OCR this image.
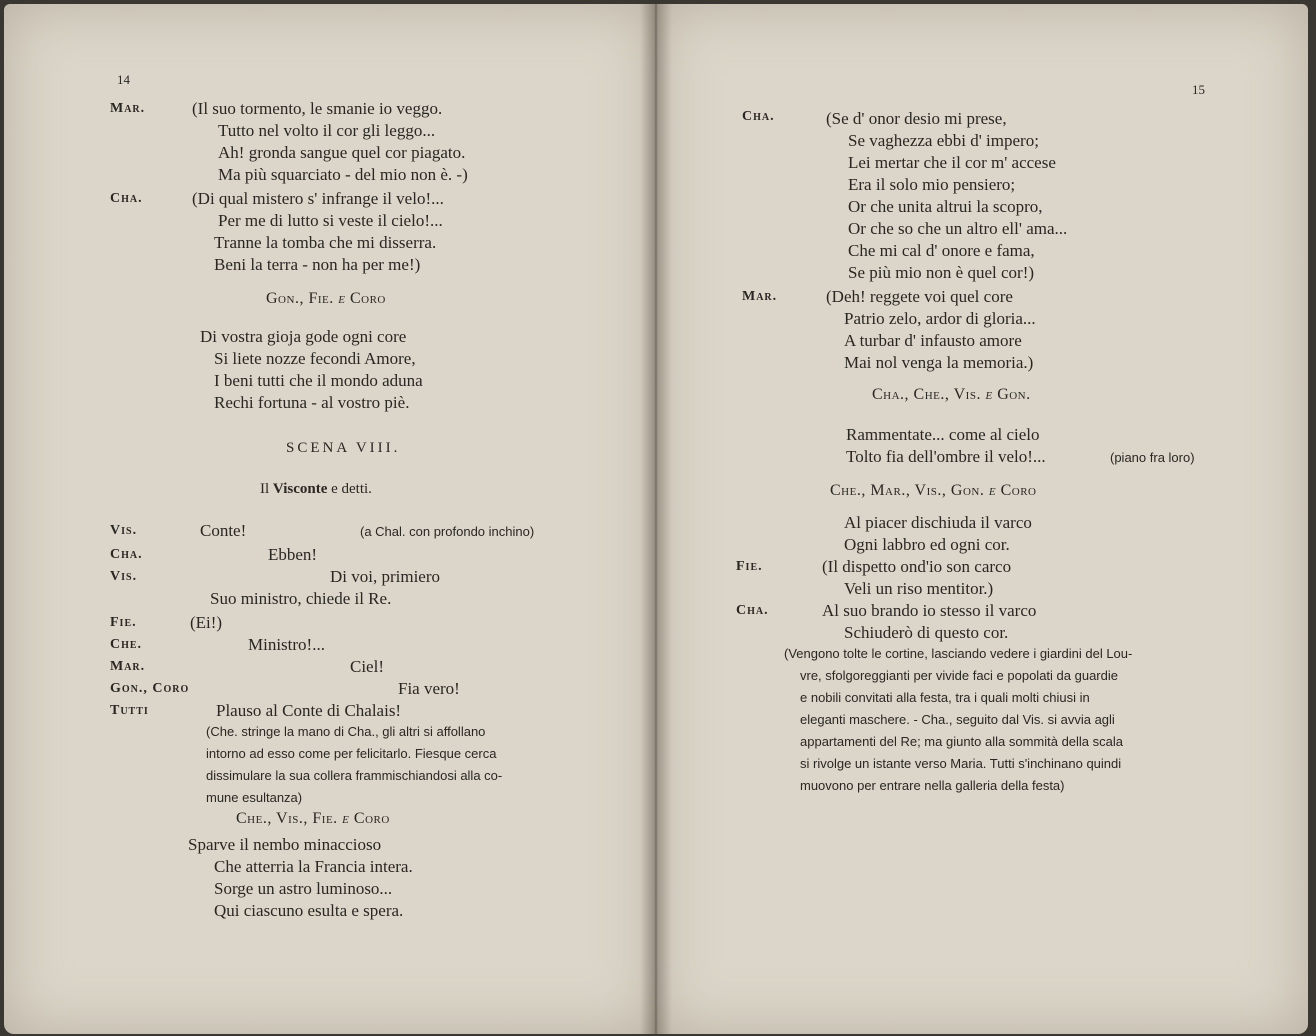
14
Mar.	(Il suo tormento, le smanie io veggo.
Tutto nel volto il cor gli leggo...
Ah! gronda sangue quel cor piagato.
Ma più squarciato - del mio non è. -)
Cha.	(Di qual mistero s' infrange il velo!...
Per me di lutto si veste il cielo!...
Tranne la tomba che mi disserra.
Beni la terra - non ha per me!)
Gon., Fie. e Coro
Di vostra gioja gode ogni core
Si liete nozze fecondi Amore,
I beni tutti che il mondo aduna
Rechi fortuna - al vostro piè.
SCENA VIII.
Il Visconte e detti.
Vis.	Conte!	(a Chal. con profondo inchino)
Cha.	Ebben!
Vis.	Di voi, primiero
Suo ministro, chiede il Re.
Fie.	(Ei!)
Che.	Ministro!...
Mar.	Ciel!
Gon., Coro	Fia vero!
Tutti	Plauso al Conte di Chalais!
(Che. stringe la mano di Cha., gli altri si affollano
intorno ad esso come per felicitarlo. Fiesque cerca
dissimulare la sua collera frammischiandosi alla co-
mune esultanza)
Che., Vis., Fie. e Coro
Sparve il nembo minaccioso
Che atterria la Francia intera.
Sorge un astro luminoso...
Qui ciascuno esulta e spera.
15
Cha.	(Se d' onor desio mi prese,
Se vaghezza ebbi d' impero;
Lei mertar che il cor m' accese
Era il solo mio pensiero;
Or che unita altrui la scopro,
Or che so che un altro ell' ama...
Che mi cal d' onore e fama,
Se più mio non è quel cor!)
Mar.	(Deh! reggete voi quel core
Patrio zelo, ardor di gloria...
A turbar d' infausto amore
Mai nol venga la memoria.)
Cha., Che., Vis. e Gon.
Rammentate... come al cielo
Tolto fia dell'ombre il velo!...	(piano fra loro)
Che., Mar., Vis., Gon. e Coro
Al piacer dischiuda il varco
Ogni labbro ed ogni cor.
Fie.	(Il dispetto ond'io son carco
Veli un riso mentitor.)
Cha.	Al suo brando io stesso il varco
Schiuderò di questo cor.
(Vengono tolte le cortine, lasciando vedere i giardini del Lou-
vre, sfolgoreggianti per vivide faci e popolati da guardie
e nobili convitati alla festa, tra i quali molti chiusi in
eleganti maschere. - Cha., seguito dal Vis. si avvia agli
appartamenti del Re; ma giunto alla sommità della scala
si rivolge un istante verso Maria. Tutti s'inchinano quindi
muovono per entrare nella galleria della festa)
